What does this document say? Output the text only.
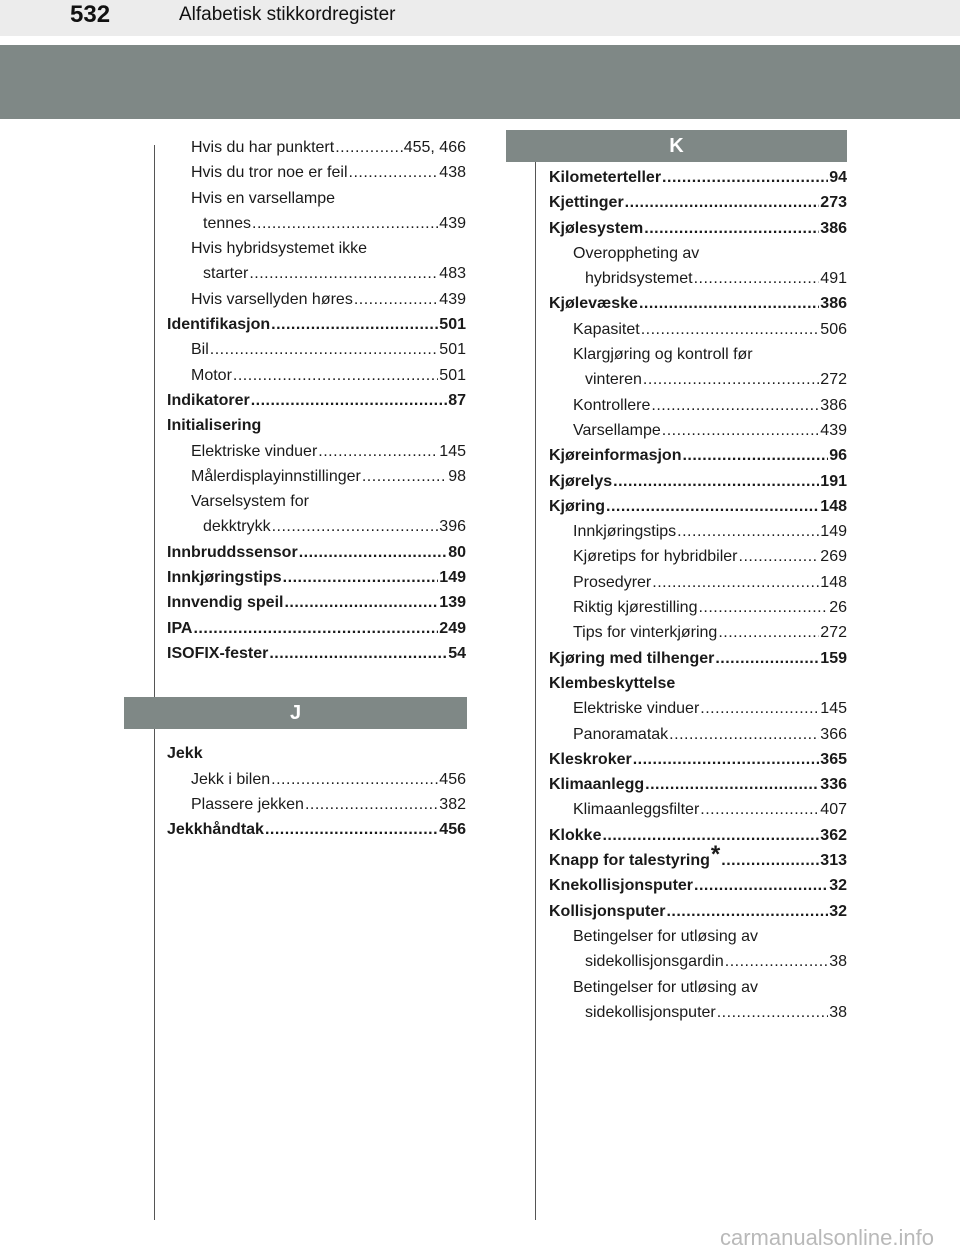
532	Alfabetisk stikkordregister
Hvis du har punktert .....	455, 466
Hvis du tror noe er feil .....	438
Hvis en varsellampe
tennes .....	439
Hvis hybridsystemet ikke
starter .....	483
Hvis varsellyden høres .....	439
Identifikasjon .....	501
Bil .....	501
Motor .....	501
Indikatorer .....	87
Initialisering
Elektriske vinduer .....	145
Målerdisplayinnstillinger .....	98
Varselsystem for
dekktrykk .....	396
Innbruddssensor .....	80
Innkjøringstips .....	149
Innvendig speil .....	139
IPA .....	249
ISOFIX-fester .....	54
J
Jekk
Jekk i bilen .....	456
Plassere jekken .....	382
Jekkhåndtak .....	456
K
Kilometerteller .....	94
Kjettinger .....	273
Kjølesystem .....	386
Overoppheting av
hybridsystemet .....	491
Kjølevæske .....	386
Kapasitet .....	506
Klargjøring og kontroll før
vinteren .....	272
Kontrollere .....	386
Varsellampe .....	439
Kjøreinformasjon .....	96
Kjørelys .....	191
Kjøring .....	148
Innkjøringstips .....	149
Kjøretips for hybridbiler .....	269
Prosedyrer .....	148
Riktig kjørestilling .....	26
Tips for vinterkjøring .....	272
Kjøring med tilhenger .....	159
Klembeskyttelse
Elektriske vinduer .....	145
Panoramatak .....	366
Kleskroker .....	365
Klimaanlegg .....	336
Klimaanleggsfilter .....	407
Klokke .....	362
Knapp for talestyring* .....	313
Knekollisjonsputer .....	32
Kollisjonsputer .....	32
Betingelser for utløsing av
sidekollisjonsgardin .....	38
Betingelser for utløsing av
sidekollisjonsputer .....	38
carmanualsonline.info
